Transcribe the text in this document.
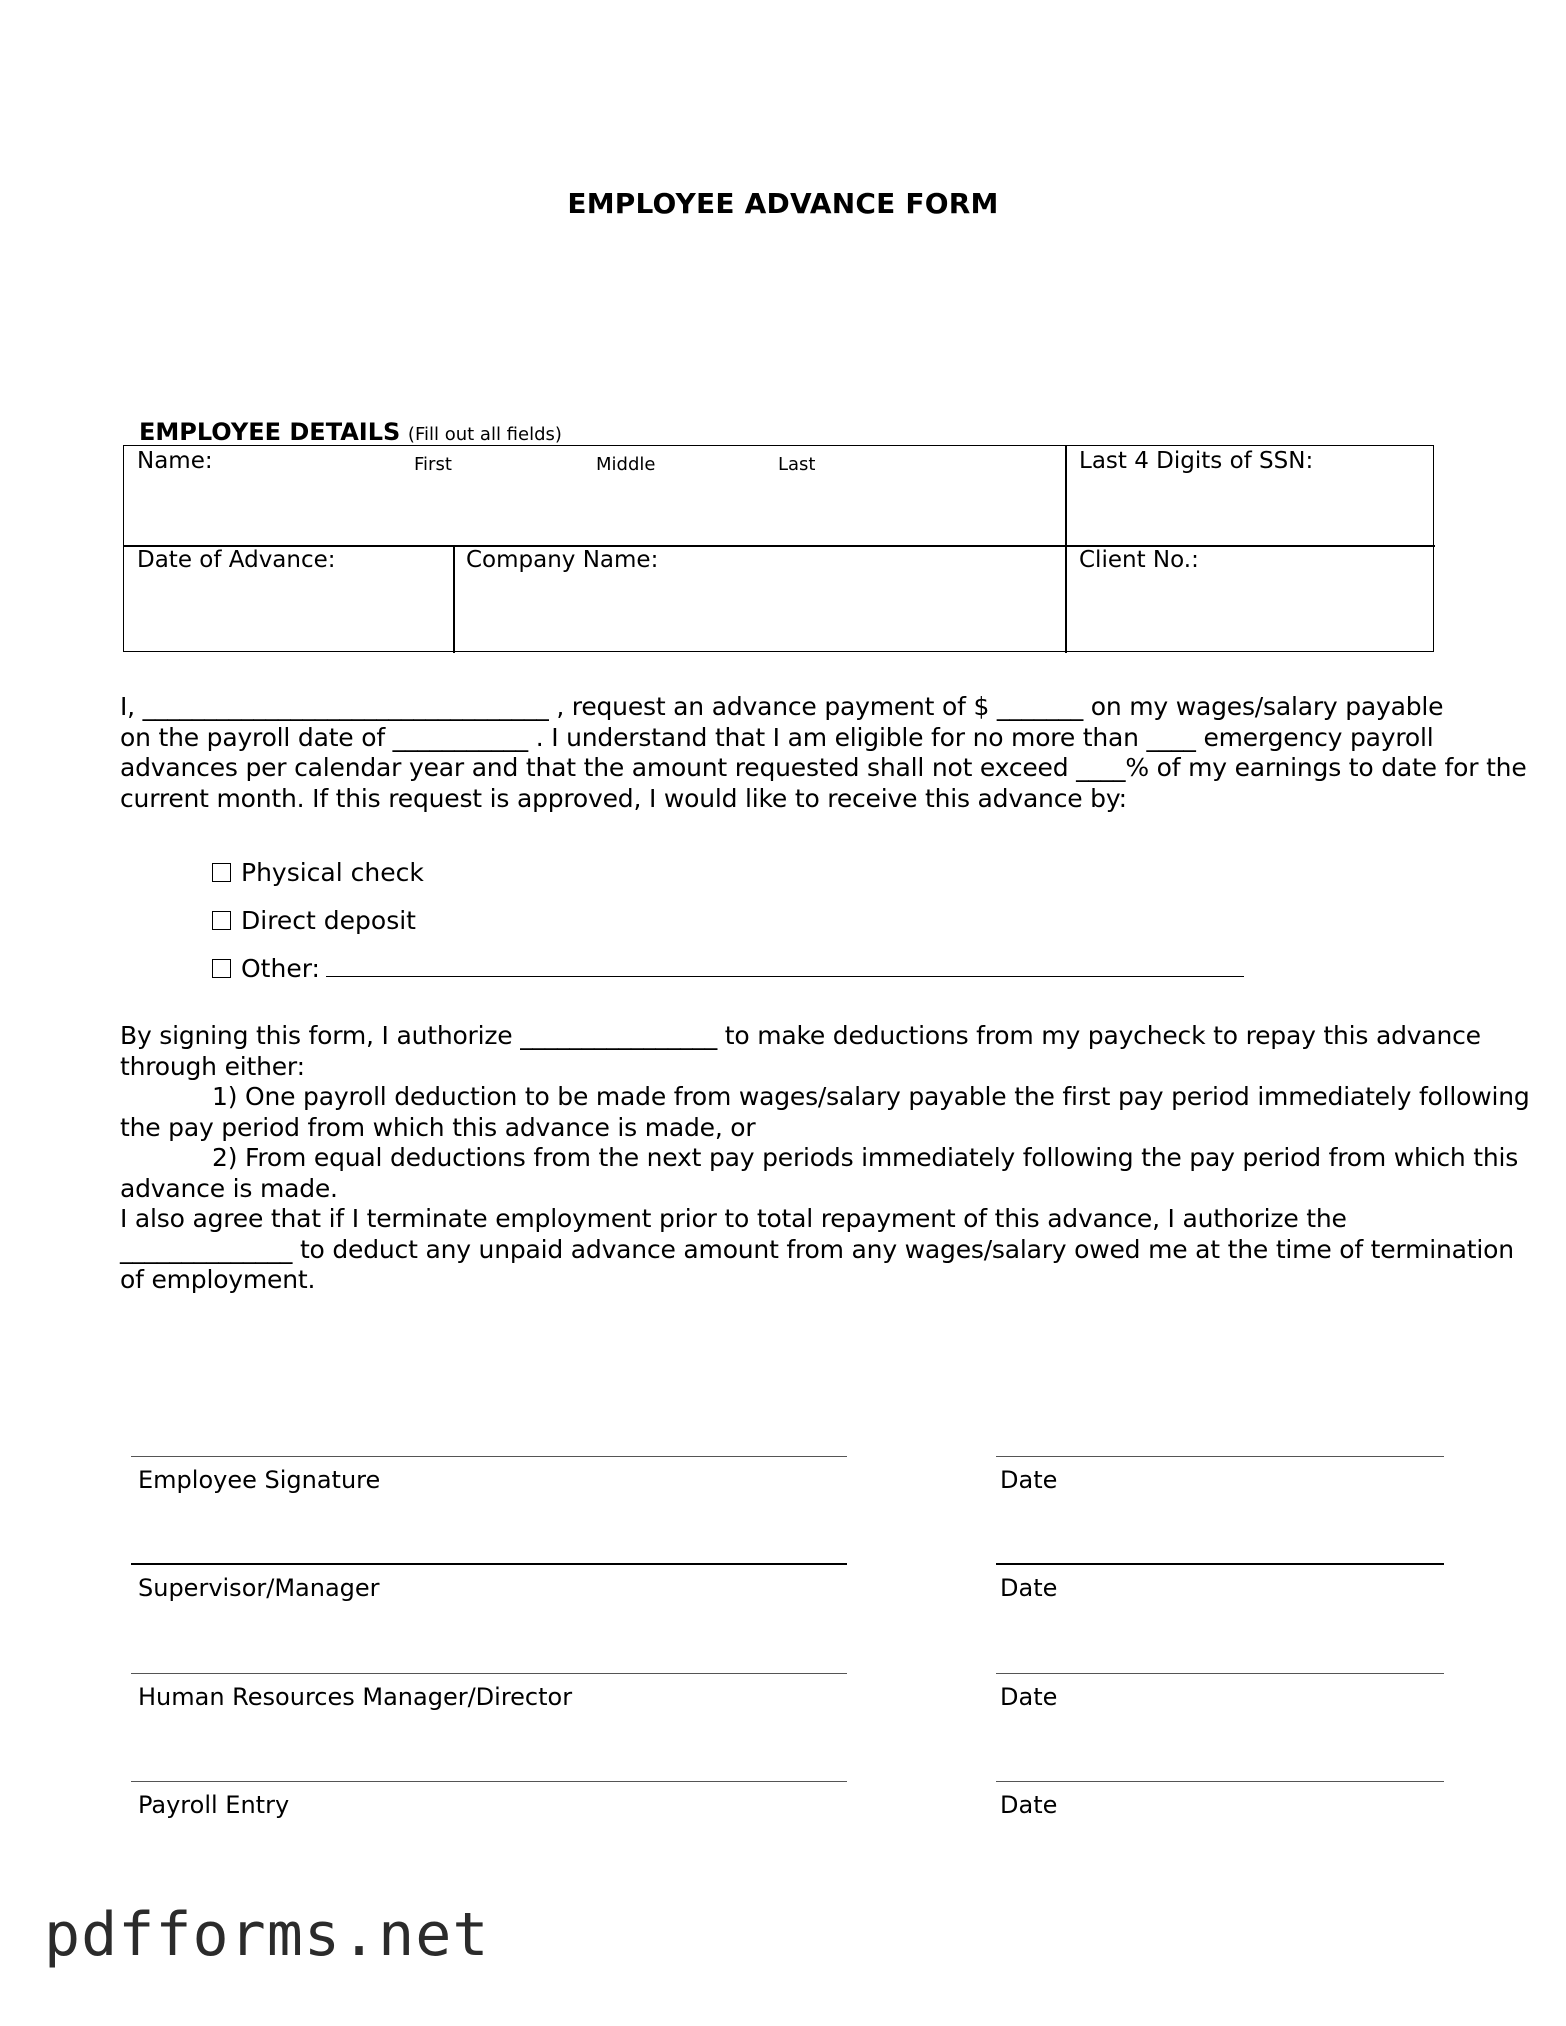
EMPLOYEE ADVANCE FORM
EMPLOYEE DETAILS (Fill out all fields)
Name:	First	Middle	Last	Last 4 Digits of SSN:
Date of Advance:	Company Name:	Client No.:
I, _________________________________ , request an advance payment of $ _______ on my wages/salary payable
on the payroll date of ___________ . I understand that I am eligible for no more than ____ emergency payroll
advances per calendar year and that the amount requested shall not exceed ____% of my earnings to date for the
current month. If this request is approved, I would like to receive this advance by:
Physical check
Direct deposit
Other:
By signing this form, I authorize ________________ to make deductions from my paycheck to repay this advance
through either:
1) One payroll deduction to be made from wages/salary payable the first pay period immediately following
the pay period from which this advance is made, or
2) From equal deductions from the next pay periods immediately following the pay period from which this
advance is made.
I also agree that if I terminate employment prior to total repayment of this advance, I authorize the
______________ to deduct any unpaid advance amount from any wages/salary owed me at the time of termination
of employment.
Employee Signature	Date
Supervisor/Manager	Date
Human Resources Manager/Director	Date
Payroll Entry	Date
pdfforms.net
